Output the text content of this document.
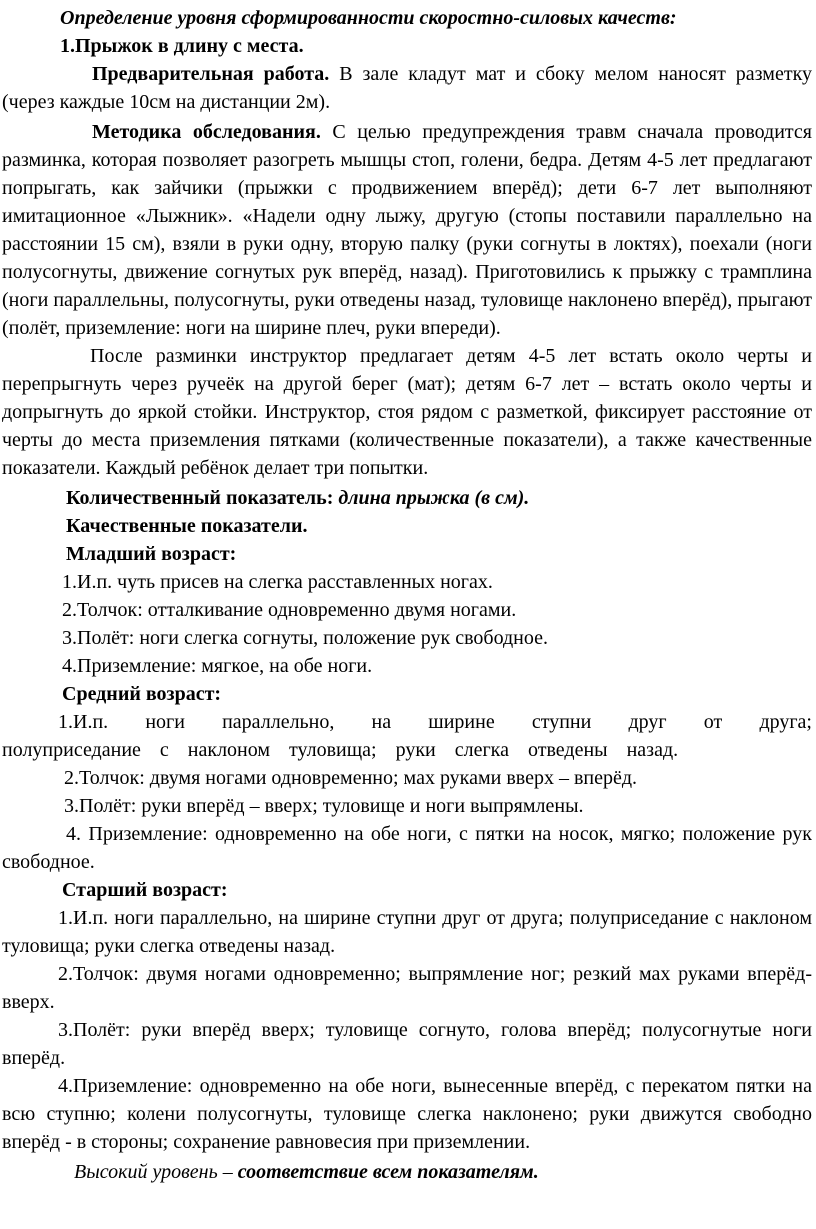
Определение уровня сформированности скоростно-силовых качеств:

1.Прыжок в длину с места.

Предварительная работа. В зале кладут мат и сбоку мелом наносят разметку (через каждые 10см на дистанции 2м).

Методика обследования. С целью предупреждения травм сначала проводится разминка, которая позволяет разогреть мышцы стоп, голени, бедра. Детям 4-5 лет предлагают попрыгать, как зайчики (прыжки с продвижением вперёд); дети 6-7 лет выполняют имитационное «Лыжник». «Надели одну лыжу, другую (стопы поставили параллельно на расстоянии 15 см), взяли в руки одну, вторую палку (руки согнуты в локтях), поехали (ноги полусогнуты, движение согнутых рук вперёд, назад). Приготовились к прыжку с трамплина (ноги параллельны, полусогнуты, руки отведены назад, туловище наклонено вперёд), прыгают (полёт, приземление: ноги на ширине плеч, руки впереди).

После разминки инструктор предлагает детям 4-5 лет встать около черты и перепрыгнуть через ручеёк на другой берег (мат); детям 6-7 лет – встать около черты и допрыгнуть до яркой стойки. Инструктор, стоя рядом с разметкой, фиксирует расстояние от черты до места приземления пятками (количественные показатели), а также качественные показатели. Каждый ребёнок делает три попытки.

Количественный показатель: длина прыжка (в см).

Качественные показатели.

Младший возраст:

1.И.п. чуть присев на слегка расставленных ногах.

2.Толчок: отталкивание одновременно двумя ногами.

3.Полёт: ноги слегка согнуты, положение рук свободное.

4.Приземление: мягкое, на обе ноги.

Средний возраст:

1.И.п. ноги параллельно, на ширине ступни друг от друга; полуприседание с наклоном туловища; руки слегка отведены назад.

2.Толчок: двумя ногами одновременно; мах руками вверх – вперёд.

3.Полёт: руки вперёд – вверх; туловище и ноги выпрямлены.

4. Приземление: одновременно на обе ноги, с пятки на носок, мягко; положение рук свободное.

Старший возраст:

1.И.п. ноги параллельно, на ширине ступни друг от друга; полуприседание с наклоном туловища; руки слегка отведены назад.

2.Толчок: двумя ногами одновременно; выпрямление ног; резкий мах руками вперёд-вверх.

3.Полёт: руки вперёд вверх; туловище согнуто, голова вперёд; полусогнутые ноги вперёд.

4.Приземление: одновременно на обе ноги, вынесенные вперёд, с перекатом пятки на всю ступню; колени полусогнуты, туловище слегка наклонено; руки движутся свободно вперёд - в стороны; сохранение равновесия при приземлении.

Высокий уровень – соответствие всем показателям.
